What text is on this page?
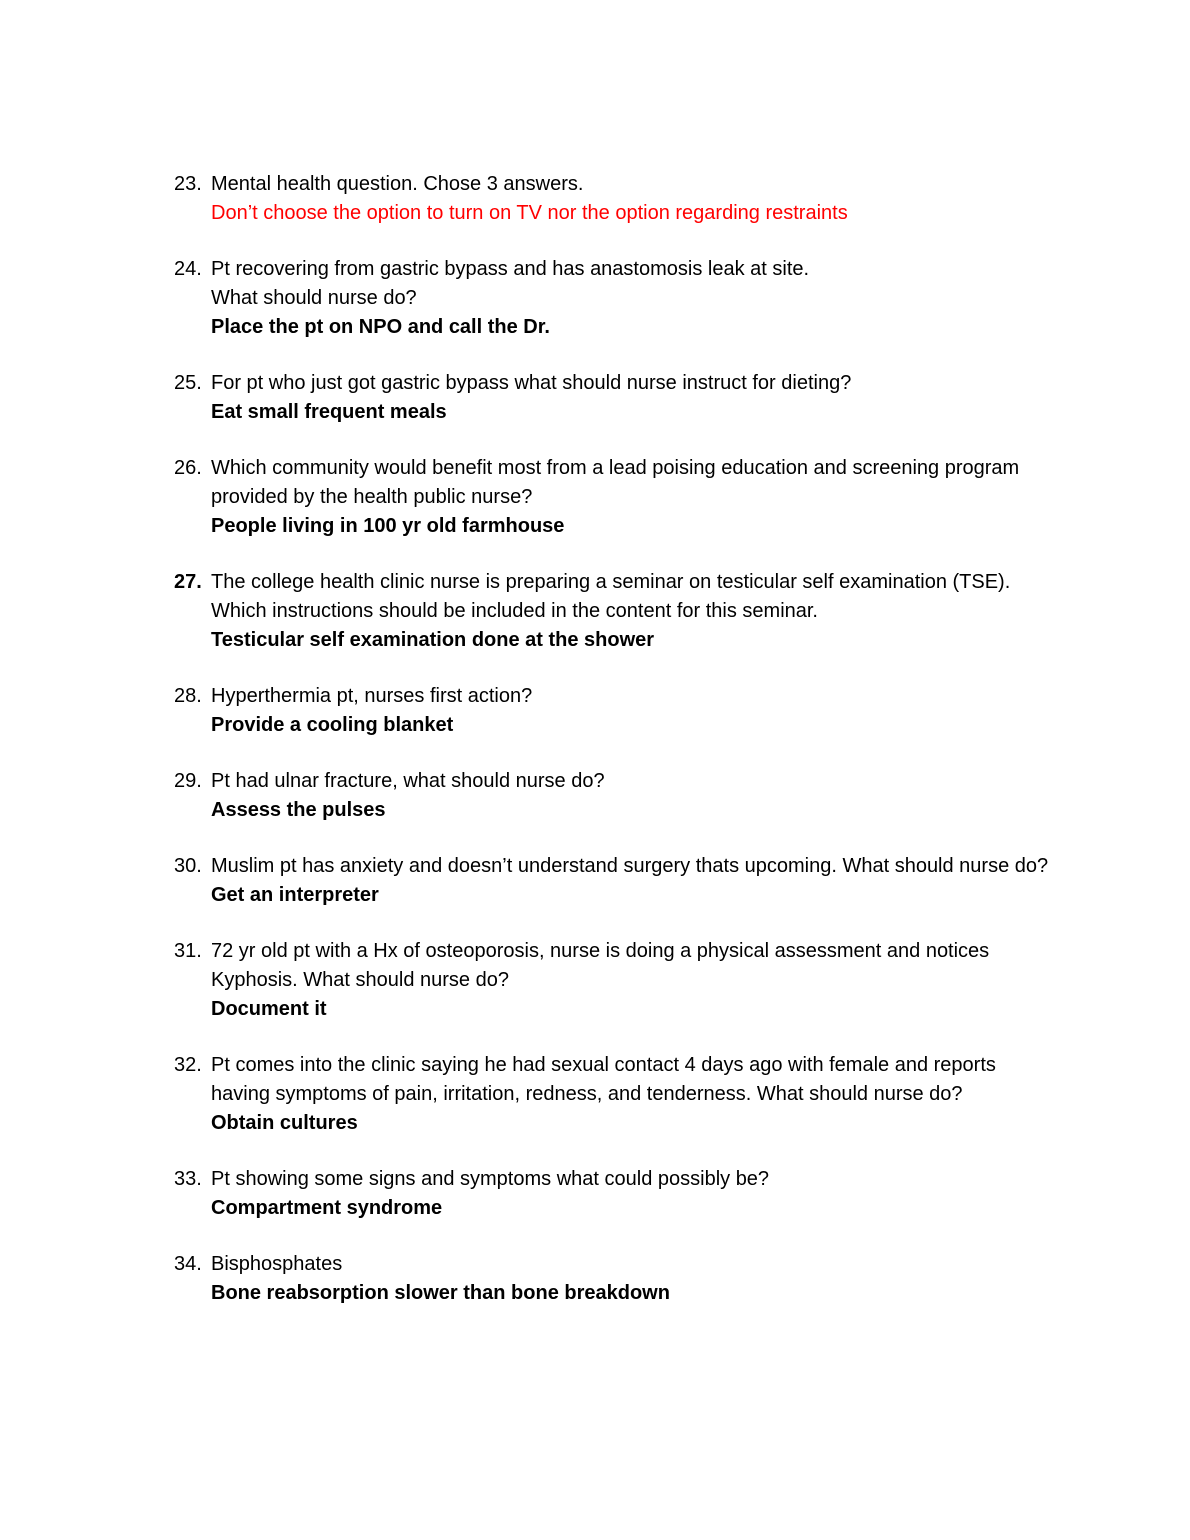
23. Mental health question. Chose 3 answers.
Don’t choose the option to turn on TV nor the option regarding restraints
24. Pt recovering from gastric bypass and has anastomosis leak at site.
What should nurse do?
Place the pt on NPO and call the Dr.
25. For pt who just got gastric bypass what should nurse instruct for dieting?
Eat small frequent meals
26. Which community would benefit most from a lead poising education and screening program provided by the health public nurse?
People living in 100 yr old farmhouse
27. The college health clinic nurse is preparing a seminar on testicular self examination (TSE). Which instructions should be included in the content for this seminar.
Testicular self examination done at the shower
28. Hyperthermia pt, nurses first action?
Provide a cooling blanket
29. Pt had ulnar fracture, what should nurse do?
Assess the pulses
30. Muslim pt has anxiety and doesn’t understand surgery thats upcoming. What should nurse do?
Get an interpreter
31. 72 yr old pt with a Hx of osteoporosis, nurse is doing a physical assessment and notices Kyphosis. What should nurse do?
Document it
32. Pt comes into the clinic saying he had sexual contact 4 days ago with female and reports having symptoms of pain, irritation, redness, and tenderness. What should nurse do?
Obtain cultures
33. Pt showing some signs and symptoms what could possibly be?
Compartment syndrome
34. Bisphosphates
Bone reabsorption slower than bone breakdown
